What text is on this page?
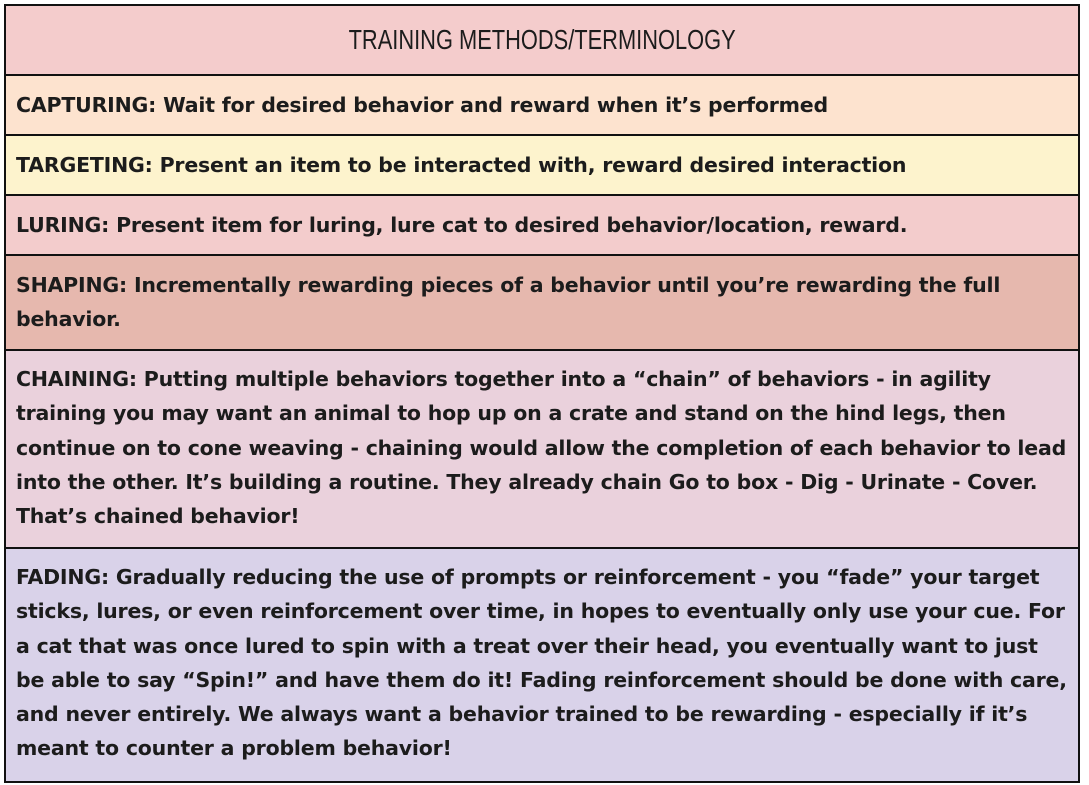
TRAINING METHODS/TERMINOLOGY
CAPTURING: Wait for desired behavior and reward when it’s performed
TARGETING: Present an item to be interacted with, reward desired interaction
LURING: Present item for luring, lure cat to desired behavior/location, reward.
SHAPING: Incrementally rewarding pieces of a behavior until you’re rewarding the full behavior.
CHAINING: Putting multiple behaviors together into a “chain” of behaviors - in agility training you may want an animal to hop up on a crate and stand on the hind legs, then continue on to cone weaving - chaining would allow the completion of each behavior to lead into the other. It’s building a routine. They already chain Go to box - Dig - Urinate - Cover. That’s chained behavior!
FADING: Gradually reducing the use of prompts or reinforcement - you “fade” your target sticks, lures, or even reinforcement over time, in hopes to eventually only use your cue. For a cat that was once lured to spin with a treat over their head, you eventually want to just be able to say “Spin!” and have them do it! Fading reinforcement should be done with care, and never entirely. We always want a behavior trained to be rewarding - especially if it’s meant to counter a problem behavior!
